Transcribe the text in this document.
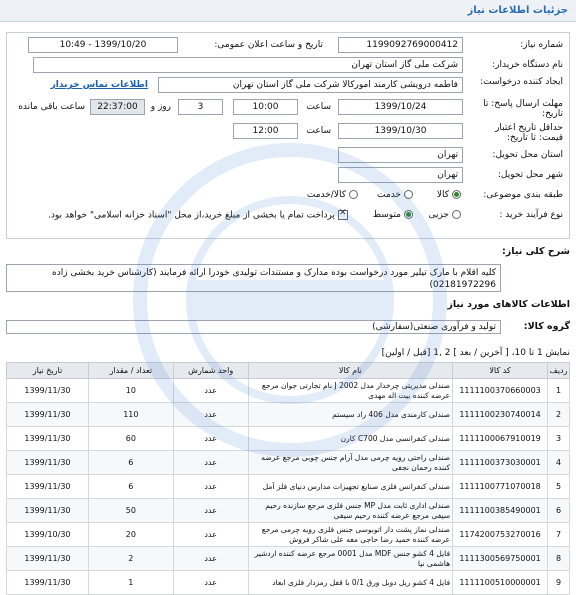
جزئیات اطلاعات نیاز
شماره نیاز:
1199092769000412
تاریخ و ساعت اعلان عمومی:
1399/10/20 - 10:49
نام دستگاه خریدار:
شرکت ملی گاز استان تهران
ایجاد کننده درخواست:
فاطمه درویشی کارمند امورکالا شرکت ملی گاز استان تهران
اطلاعات تماس خریدار
مهلت ارسال پاسخ: تا تاریخ:
1399/10/24
ساعت
10:00
3
روز و
22:37:00
ساعت باقی مانده
حداقل تاریخ اعتبار قیمت: تا تاریخ:
1399/10/30
ساعت
12:00
استان محل تحویل:
تهران
شهر محل تحویل:
تهران
طبقه بندی موضوعی:
کالا
خدمت
کالا/خدمت
نوع فرآیند خرید :
جزیی
متوسط
✕پرداخت تمام یا بخشی از مبلغ خرید،از محل "اسناد خزانه اسلامی" خواهد بود.
شرح کلی نیاز:
کلیه اقلام با مارک تیلیر مورد درخواست بوده مدارک و مستندات تولیدی خودرا ارائه فرمایند (کارشناس خرید بخشی زاده 02181972296)
اطلاعات کالاهای مورد نیاز
گروه کالا:
تولید و فرآوری صنعتی(سفارشی)
نمایش 1 تا 10، [ آخرین / بعد ] 2 ,1 [قبل / اولین]
ردیف	کد کالا	نام کالا	واحد شمارش	تعداد / مقدار	تاریخ نیاز
1	1111100370660003	صندلی مدیریتی چرخدار مدل 2002 J نام تجارتی جوان مرجع عرضه کننده بیت اله مهدی	عدد	10	1399/11/30
2	1111100230740014	صندلی کارمندی مدل 406 راد سیستم	عدد	110	1399/11/30
3	1111100067910019	صندلی کنفرانسی مدل C700 کارن	عدد	60	1399/11/30
4	1111100373030001	صندلی راحتی رویه چرمی مدل آرام جنس چوبی مرجع عرضه کننده رحمان نجفی	عدد	6	1399/11/30
5	1111100771070018	صندلی کنفرانس فلزی صنایع تجهیزات مدارس دنیای فلز آمل	عدد	6	1399/11/30
6	1111100385490001	صندلی اداری ثابت مدل MP جنس فلزی مرجع سازنده رحیم سیفی مرجع عرضه کننده رحیم سیفی	عدد	50	1399/11/30
7	1174200753270016	صندلی نماز پشت دار اتوبوسی جنس فلزی رویه چرمی مرجع عرضه کننده حمید رضا حاجی معه علی شاکر فروش	عدد	20	1399/10/30
8	1111300569750001	فایل 4 کشو جنس MDF مدل 0001 مرجع عرضه کننده اردشیر هاشمی نیا	عدد	2	1399/11/30
9	1111100510000001	فایل 4 کشو ریل دوبل ورق 0/1 با قفل رمزدار فلزی ابعاد	عدد	1	1399/11/30
